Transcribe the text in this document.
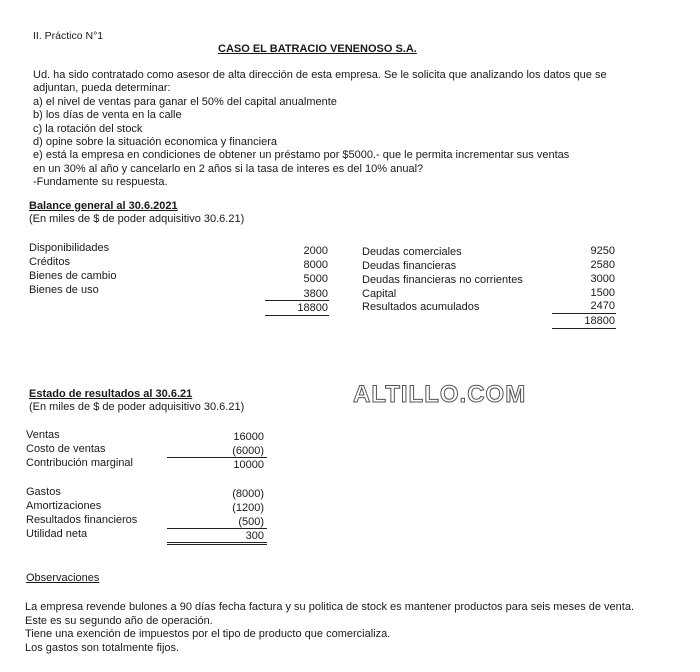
II. Práctico N°1
CASO EL BATRACIO VENENOSO S.A.
Ud. ha sido contratado como asesor de alta dirección de esta empresa. Se le solicita que analizando los datos que se
adjuntan, pueda determinar:
a) el nivel de ventas para ganar el 50% del capital anualmente
b) los días de venta en la calle
c) la rotación del stock
d) opine sobre la situación economica y financiera
e) está la empresa en condiciones de obtener un préstamo por $5000.- que le permita incrementar sus ventas
en un 30% al año y cancelarlo en 2 años si la tasa de interes es del 10% anual?
-Fundamente su respuesta.
Balance general al 30.6.2021
(En miles de $ de poder adquisitivo 30.6.21)
Disponibilidades
Créditos
Bienes de cambio
Bienes de uso
2000
8000
5000
3800
18800
Deudas comerciales
Deudas financieras
Deudas financieras no corrientes
Capital
Resultados acumulados
9250
2580
3000
1500
2470
18800
ALTILLO.COM
Estado de resultados al 30.6.21
(En miles de $ de poder adquisitivo 30.6.21)
Ventas
Costo de ventas
Contribución marginal
Gastos
Amortizaciones
Resultados financieros
Utilidad neta
16000
(6000)
10000
(8000)
(1200)
(500)
300
Observaciones
La empresa revende bulones a 90 días fecha factura y su politica de stock es mantener productos para seis meses de venta.
Este es su segundo año de operación.
Tiene una exención de impuestos por el tipo de producto que comercializa.
Los gastos son totalmente fijos.
